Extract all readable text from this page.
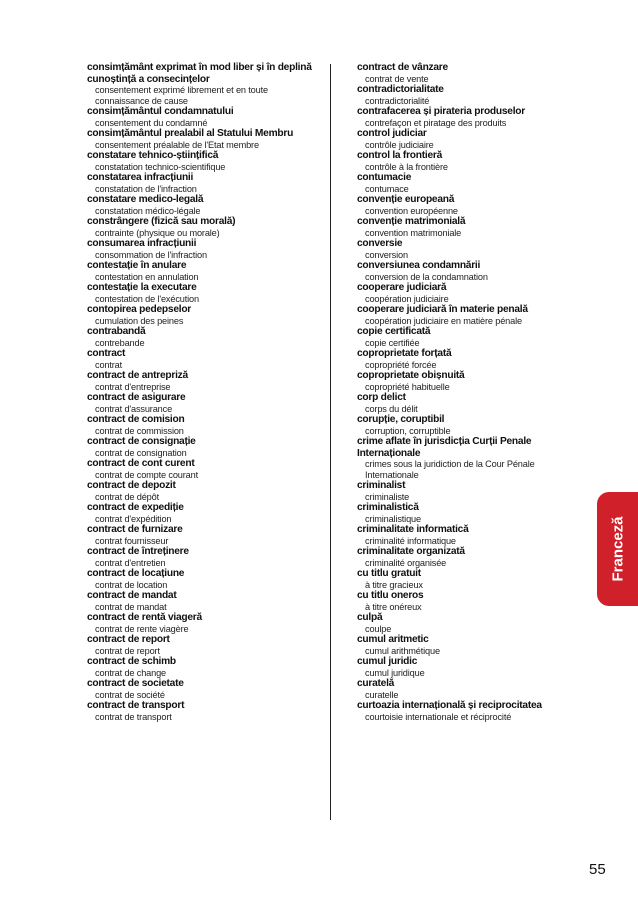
consimțământ exprimat în mod liber și în deplină cunoștință a consecințelor
consentement exprimé librement et en toute connaissance de cause
consimțământul condamnatului
consentement du condamné
consimțământul prealabil al Statului Membru
consentement préalable de l'Etat membre
constatare tehnico-științifică
constatation technico-scientifique
constatarea infracțiunii
constatation de l'infraction
constatare medico-legală
constatation médico-légale
constrângere (fizică sau morală)
contrainte (physique ou morale)
consumarea infracțiunii
consommation de l'infraction
contestație în anulare
contestation en annulation
contestație la executare
contestation de l'exécution
contopirea pedepselor
cumulation des peines
contrabandă
contrebande
contract
contrat
contract de antrepriză
contrat d'entreprise
contract de asigurare
contrat d'assurance
contract de comision
contrat de commission
contract de consignație
contrat de consignation
contract de cont curent
contrat de compte courant
contract de depozit
contrat de dépôt
contract de expediție
contrat d'expédition
contract de furnizare
contrat fournisseur
contract de întreținere
contrat d'entretien
contract de locațiune
contrat de location
contract de mandat
contrat de mandat
contract de rentă viageră
contrat de rente viagère
contract de report
contrat de report
contract de schimb
contrat de change
contract de societate
contrat de société
contract de transport
contrat de transport
contract de vânzare
contrat de vente
contradictorialitate
contradictorialité
contrafacerea și pirateria produselor
contrefaçon et piratage des produits
control judiciar
contrôle judiciaire
control la frontieră
contrôle à la frontière
contumacie
contumace
convenție europeană
convention européenne
convenție matrimonială
convention matrimoniale
conversie
conversion
conversiunea condamnării
conversion de la condamnation
cooperare judiciară
coopération judiciaire
cooperare judiciară în materie penală
coopération judiciaire en matière pénale
copie certificată
copie certifiée
coproprietate forțată
copropriété forcée
coproprietate obișnuită
copropriété habituelle
corp delict
corps du délit
corupție, coruptibil
corruption, corruptible
crime aflate în jurisdicția Curții Penale Internaționale
crimes sous la juridiction de la Cour Pénale Internationale
criminalist
criminaliste
criminalistică
criminalistique
criminalitate informatică
criminalité informatique
criminalitate organizată
criminalité organisée
cu titlu gratuit
à titre gracieux
cu titlu oneros
à titre onéreux
culpă
coulpe
cumul aritmetic
cumul arithmétique
cumul juridic
cumul juridique
curatelă
curatelle
curtoazia internațională și reciprocitatea
courtoisie internationale et réciprocité
Franceză
55
